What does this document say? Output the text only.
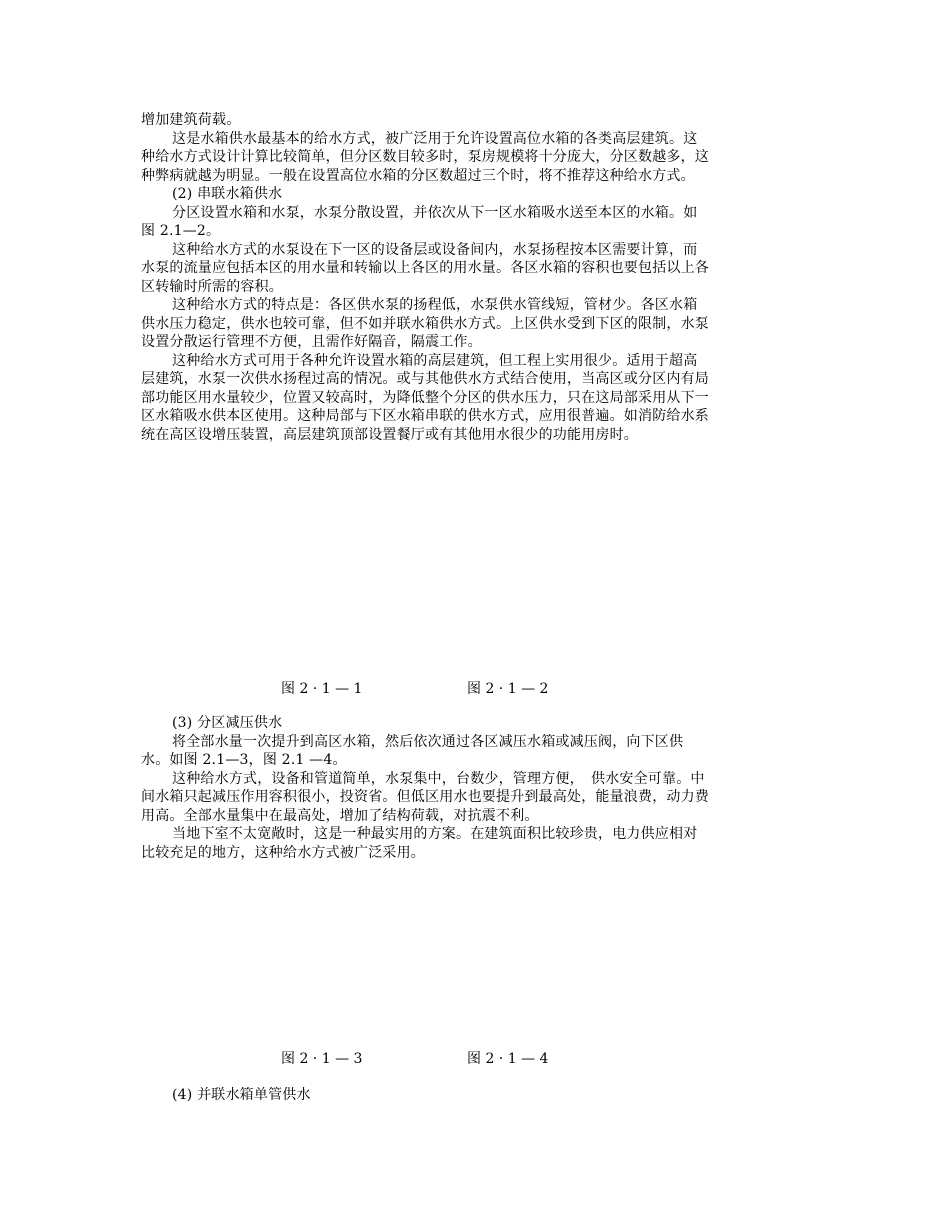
增加建筑荷载。

这是水箱供水最基本的给水方式，被广泛用于允许设置高位水箱的各类高层建筑。这种给水方式设计计算比较简单，但分区数目较多时，泵房规模将十分庞大，分区数越多，这种弊病就越为明显。一般在设置高位水箱的分区数超过三个时，将不推荐这种给水方式。

(2) 串联水箱供水

分区设置水箱和水泵，水泵分散设置，并依次从下一区水箱吸水送至本区的水箱。如图 2.1—2。

这种给水方式的水泵设在下一区的设备层或设备间内，水泵扬程按本区需要计算，而水泵的流量应包括本区的用水量和转输以上各区的用水量。各区水箱的容积也要包括以上各区转输时所需的容积。

这种给水方式的特点是：各区供水泵的扬程低，水泵供水管线短，管材少。各区水箱供水压力稳定，供水也较可靠，但不如并联水箱供水方式。上区供水受到下区的限制，水泵设置分散运行管理不方便，且需作好隔音，隔震工作。

这种给水方式可用于各种允许设置水箱的高层建筑，但工程上实用很少。适用于超高层建筑，水泵一次供水扬程过高的情况。或与其他供水方式结合使用，当高区或分区内有局部功能区用水量较少，位置又较高时，为降低整个分区的供水压力，只在这局部采用从下一区水箱吸水供本区使用。这种局部与下区水箱串联的供水方式，应用很普遍。如消防给水系统在高区设增压装置，高层建筑顶部设置餐厅或有其他用水很少的功能用房时。

图 2 · 1 — 1	图 2 · 1 — 2

(3) 分区减压供水

将全部水量一次提升到高区水箱，然后依次通过各区减压水箱或减压阀，向下区供水。如图 2.1—3，图 2.1 —4。

这种给水方式，设备和管道简单，水泵集中，台数少，管理方便，　供水安全可靠。中间水箱只起减压作用容积很小，投资省。但低区用水也要提升到最高处，能量浪费，动力费用高。全部水量集中在最高处，增加了结构荷载，对抗震不利。

当地下室不太宽敞时，这是一种最实用的方案。在建筑面积比较珍贵，电力供应相对比较充足的地方，这种给水方式被广泛采用。

图 2 · 1 — 3	图 2 · 1 — 4

(4) 并联水箱单管供水
